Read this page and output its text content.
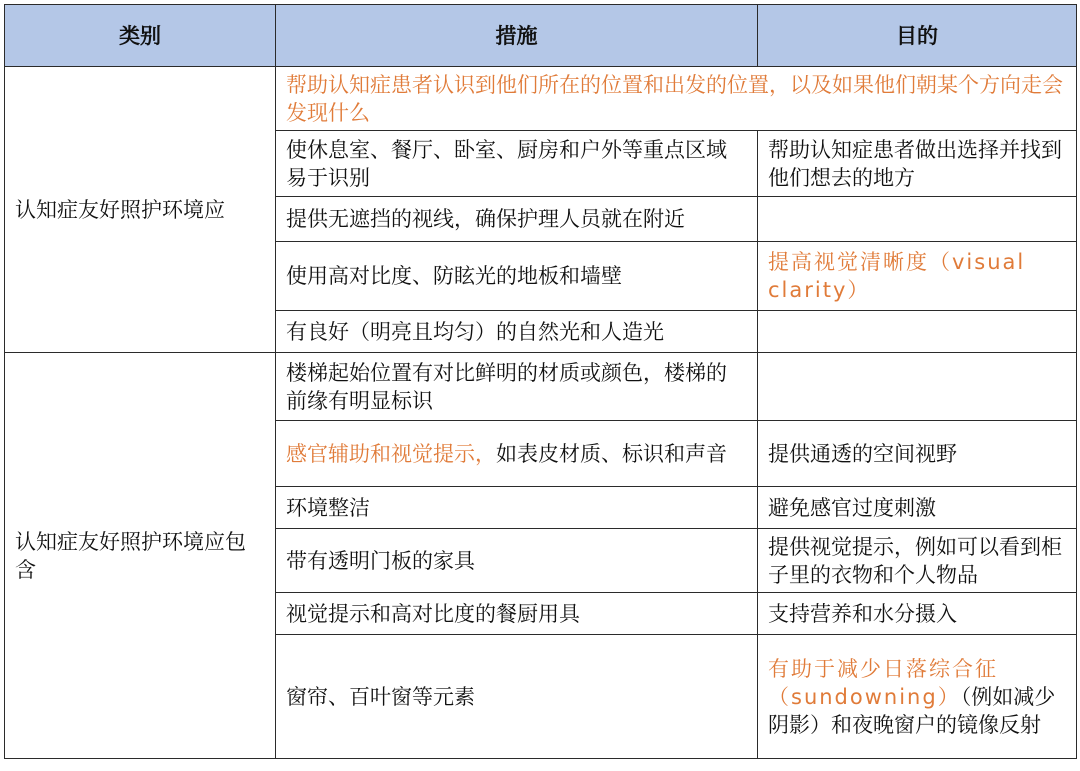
类别	措施	目的
认知症友好照护环境应	帮助认知症患者认识到他们所在的位置和出发的位置，以及如果他们朝某个方向走会发现什么	
	使休息室、餐厅、卧室、厨房和户外等重点区域易于识别	帮助认知症患者做出选择并找到他们想去的地方
	提供无遮挡的视线，确保护理人员就在附近	
	使用高对比度、防眩光的地板和墙壁	提高视觉清晰度（visual clarity）
	有良好（明亮且均匀）的自然光和人造光	
认知症友好照护环境应包含	楼梯起始位置有对比鲜明的材质或颜色，楼梯的前缘有明显标识	
	感官辅助和视觉提示，如表皮材质、标识和声音	提供通透的空间视野
	环境整洁	避免感官过度刺激
	带有透明门板的家具	提供视觉提示，例如可以看到柜子里的衣物和个人物品
	视觉提示和高对比度的餐厨用具	支持营养和水分摄入
	窗帘、百叶窗等元素	有助于减少日落综合征（sundowning）（例如减少阴影）和夜晚窗户的镜像反射
